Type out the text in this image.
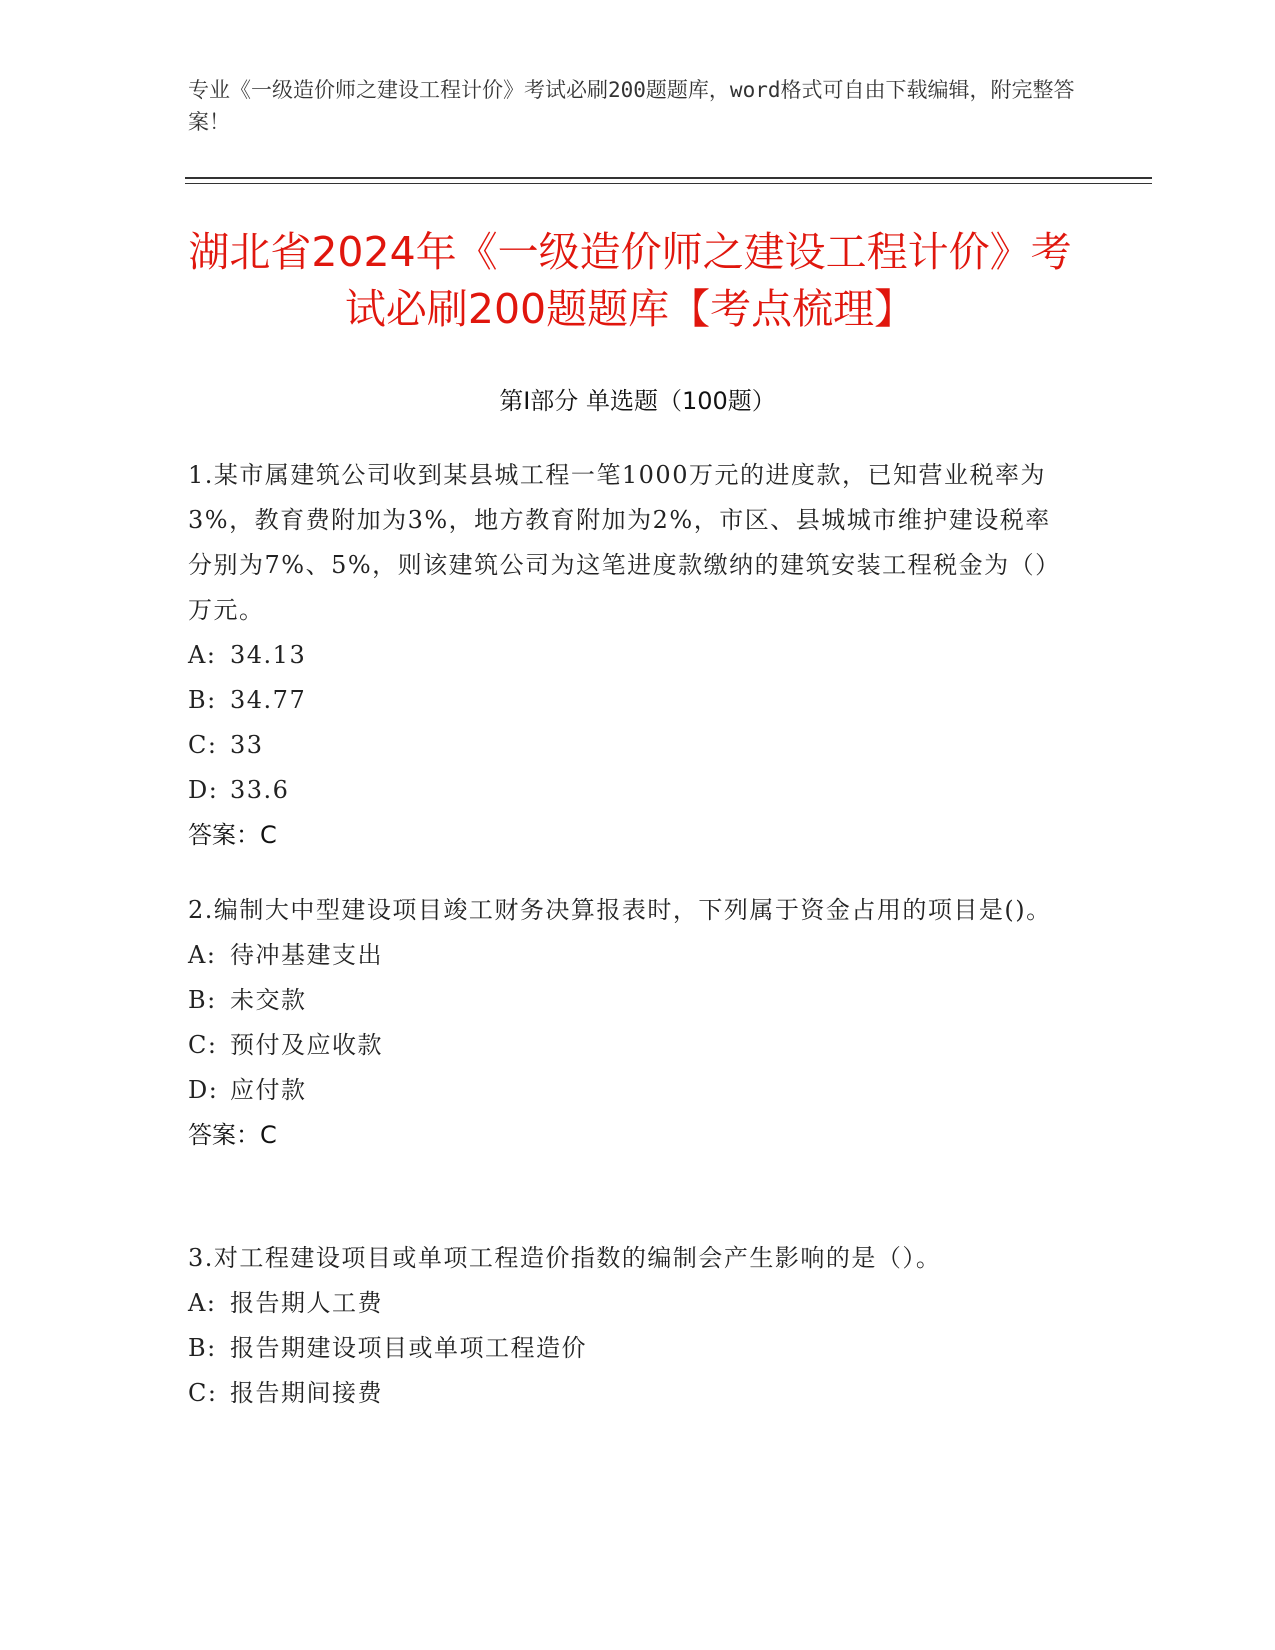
专业《一级造价师之建设工程计价》考试必刷200题题库，word格式可自由下载编辑，附完整答案！
湖北省2024年《一级造价师之建设工程计价》考试必刷200题题库【考点梳理】
第I部分 单选题（100题）
1.某市属建筑公司收到某县城工程一笔1000万元的进度款，已知营业税率为3%，教育费附加为3%，地方教育附加为2%，市区、县城城市维护建设税率分别为7%、5%，则该建筑公司为这笔进度款缴纳的建筑安装工程税金为（）万元。
A: 34.13
B: 34.77
C: 33
D: 33.6
答案：C
2.编制大中型建设项目竣工财务决算报表时，下列属于资金占用的项目是()。
A: 待冲基建支出
B: 未交款
C: 预付及应收款
D: 应付款
答案：C
3.对工程建设项目或单项工程造价指数的编制会产生影响的是（）。
A: 报告期人工费
B: 报告期建设项目或单项工程造价
C: 报告期间接费
